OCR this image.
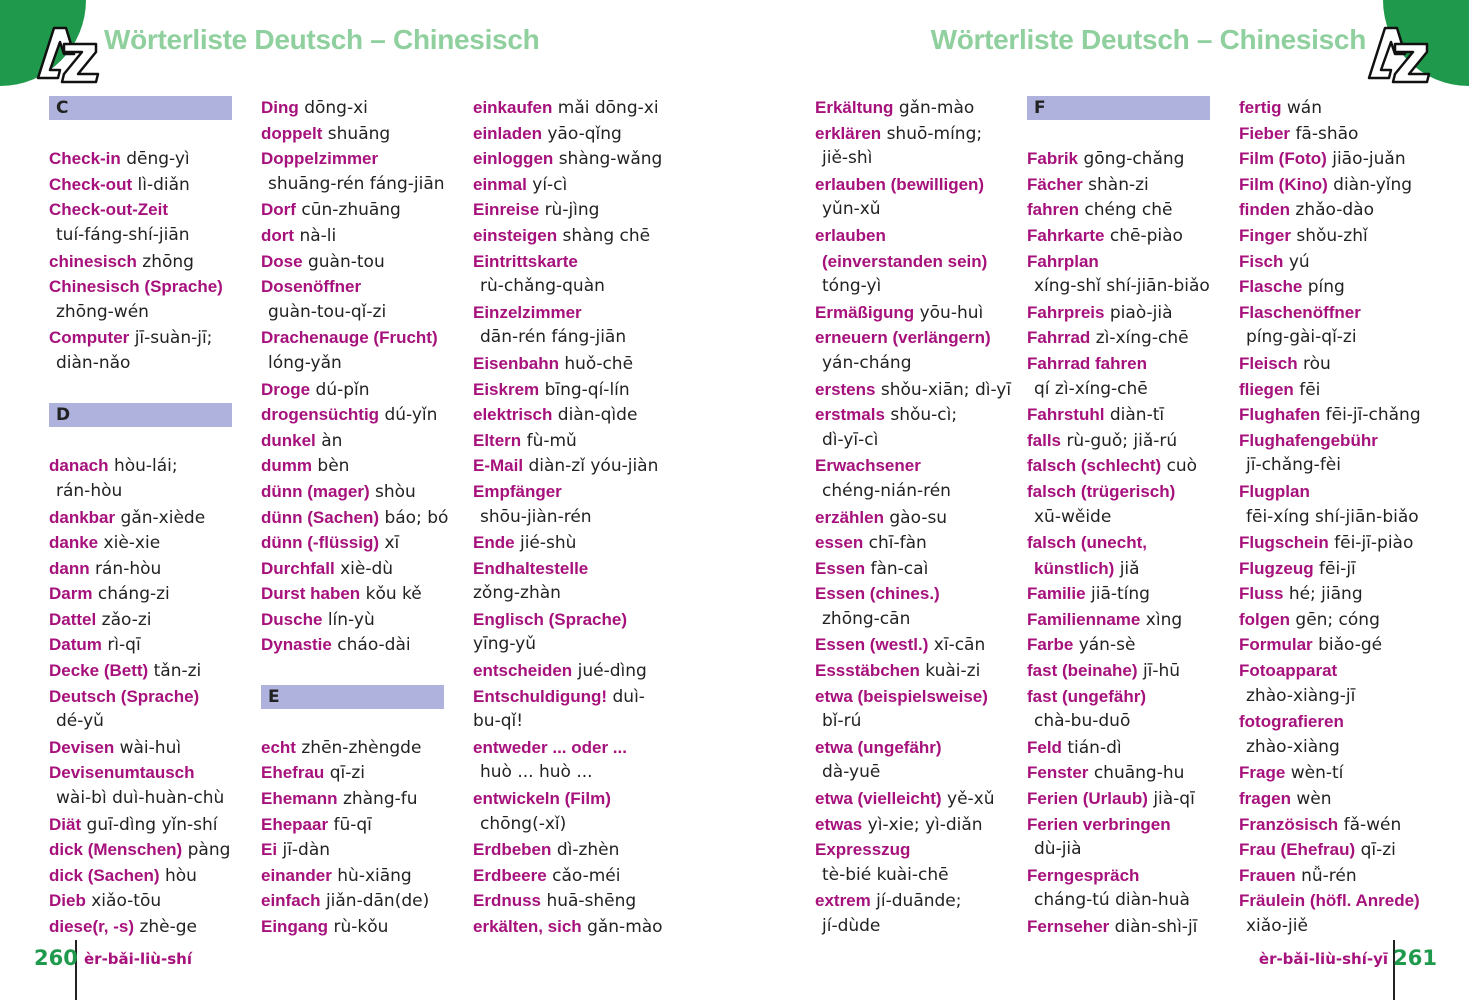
Wörterliste Deutsch – Chinesisch
C
Check-in dēng-yì
Check-out lì-diǎn
Check-out-Zeit
tuí-fáng-shí-jiān
chinesisch zhōng
Chinesisch (Sprache)
zhōng-wén
Computer jī-suàn-jī;
diàn-nǎo
D
danach hòu-lái;
rán-hòu
dankbar gǎn-xiède
danke xiè-xie
dann rán-hòu
Darm cháng-zi
Dattel zǎo-zi
Datum rì-qī
Decke (Bett) tǎn-zi
Deutsch (Sprache)
dé-yǔ
Devisen wài-huì
Devisenumtausch
wài-bì duì-huàn-chù
Diät guī-dìng yǐn-shí
dick (Menschen) pàng
dick (Sachen) hòu
Dieb xiǎo-tōu
diese(r, -s) zhè-ge
Ding dōng-xi
doppelt shuāng
Doppelzimmer
shuāng-rén fáng-jiān
Dorf cūn-zhuāng
dort nà-li
Dose guàn-tou
Dosenöffner
guàn-tou-qǐ-zi
Drachenauge (Frucht)
lóng-yǎn
Droge dú-pǐn
drogensüchtig dú-yǐn
dunkel àn
dumm bèn
dünn (mager) shòu
dünn (Sachen) báo; bó
dünn (-flüssig) xī
Durchfall xiè-dù
Durst haben kǒu kě
Dusche lín-yù
Dynastie cháo-dài
E
echt zhēn-zhèngde
Ehefrau qī-zi
Ehemann zhàng-fu
Ehepaar fū-qī
Ei jī-dàn
einander hù-xiāng
einfach jiǎn-dān(de)
Eingang rù-kǒu
einkaufen mǎi dōng-xi
einladen yāo-qǐng
einloggen shàng-wǎng
einmal yí-cì
Einreise rù-jìng
einsteigen shàng chē
Eintrittskarte
rù-chǎng-quàn
Einzelzimmer
dān-rén fáng-jiān
Eisenbahn huǒ-chē
Eiskrem bīng-qí-lín
elektrisch diàn-qìde
Eltern fù-mǔ
E-Mail diàn-zǐ yóu-jiàn
Empfänger
shōu-jiàn-rén
Ende jié-shù
Endhaltestelle
zǒng-zhàn
Englisch (Sprache)
yīng-yǔ
entscheiden jué-dìng
Entschuldigung! duì-
bu-qǐ!
entweder ... oder ...
huò ... huò ...
entwickeln (Film)
chōng(-xǐ)
Erdbeben dì-zhèn
Erdbeere cǎo-méi
Erdnuss huā-shēng
erkälten, sich gǎn-mào
260 èr-bǎi-liù-shí
Wörterliste Deutsch – Chinesisch
Erkältung gǎn-mào
erklären shuō-míng;
jiě-shì
erlauben (bewilligen)
yǔn-xǔ
erlauben
(einverstanden sein)
tóng-yì
Ermäßigung yōu-huì
erneuern (verlängern)
yán-cháng
erstens shǒu-xiān; dì-yī
erstmals shǒu-cì;
dì-yī-cì
Erwachsener
chéng-nián-rén
erzählen gào-su
essen chī-fàn
Essen fàn-caì
Essen (chines.)
zhōng-cān
Essen (westl.) xī-cān
Essstäbchen kuài-zi
etwa (beispielsweise)
bǐ-rú
etwa (ungefähr)
dà-yuē
etwa (vielleicht) yě-xǔ
etwas yì-xie; yì-diǎn
Expresszug
tè-bié kuài-chē
extrem jí-duānde;
jí-dùde
F
Fabrik gōng-chǎng
Fächer shàn-zi
fahren chéng chē
Fahrkarte chē-piào
Fahrplan
xíng-shǐ shí-jiān-biǎo
Fahrpreis piaò-jià
Fahrrad zì-xíng-chē
Fahrrad fahren
qí zì-xíng-chē
Fahrstuhl diàn-tī
falls rù-guǒ; jiǎ-rú
falsch (schlecht) cuò
falsch (trügerisch)
xū-wěide
falsch (unecht,
künstlich) jiǎ
Familie jiā-tíng
Familienname xìng
Farbe yán-sè
fast (beinahe) jī-hū
fast (ungefähr)
chà-bu-duō
Feld tián-dì
Fenster chuāng-hu
Ferien (Urlaub) jià-qī
Ferien verbringen
dù-jià
Ferngespräch
cháng-tú diàn-huà
Fernseher diàn-shì-jī
fertig wán
Fieber fā-shāo
Film (Foto) jiāo-juǎn
Film (Kino) diàn-yǐng
finden zhǎo-dào
Finger shǒu-zhǐ
Fisch yú
Flasche píng
Flaschenöffner
píng-gài-qǐ-zi
Fleisch ròu
fliegen fēi
Flughafen fēi-jī-chǎng
Flughafengebühr
jī-chǎng-fèi
Flugplan
fēi-xíng shí-jiān-biǎo
Flugschein fēi-jī-piào
Flugzeug fēi-jī
Fluss hé; jiāng
folgen gēn; cóng
Formular biǎo-gé
Fotoapparat
zhào-xiàng-jī
fotografieren
zhào-xiàng
Frage wèn-tí
fragen wèn
Französisch fǎ-wén
Frau (Ehefrau) qī-zi
Frauen nǚ-rén
Fräulein (höfl. Anrede)
xiǎo-jiě
261
èr-bǎi-liù-shí-yī
